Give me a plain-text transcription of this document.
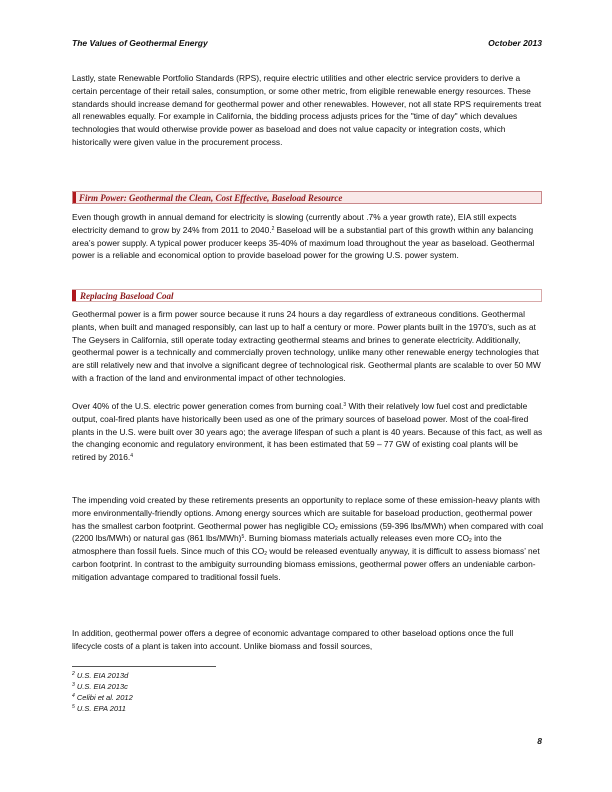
The Values of Geothermal Energy	October 2013

Lastly, state Renewable Portfolio Standards (RPS), require electric utilities and other electric service providers to derive a certain percentage of their retail sales, consumption, or some other metric, from eligible renewable energy resources. These standards should increase demand for geothermal power and other renewables. However, not all state RPS requirements treat all renewables equally. For example in California, the bidding process adjusts prices for the "time of day" which devalues technologies that would otherwise provide power as baseload and does not value capacity or integration costs, which historically were given value in the procurement process.

Firm Power: Geothermal the Clean, Cost Effective, Baseload Resource

Even though growth in annual demand for electricity is slowing (currently about .7% a year growth rate), EIA still expects electricity demand to grow by 24% from 2011 to 2040.$^2$ Baseload will be a substantial part of this growth within any balancing area’s power supply. A typical power producer keeps 35-40% of maximum load throughout the year as baseload. Geothermal power is a reliable and economical option to provide baseload power for the growing U.S. power system.

Replacing Baseload Coal

Geothermal power is a firm power source because it runs 24 hours a day regardless of extraneous conditions. Geothermal plants, when built and managed responsibly, can last up to half a century or more. Power plants built in the 1970’s, such as at The Geysers in California, still operate today extracting geothermal steams and brines to generate electricity. Additionally, geothermal power is a technically and commercially proven technology, unlike many other renewable energy technologies that are still relatively new and that involve a significant degree of technological risk. Geothermal plants are scalable to over 50 MW with a fraction of the land and environmental impact of other technologies.

Over 40% of the U.S. electric power generation comes from burning coal.$^3$ With their relatively low fuel cost and predictable output, coal-fired plants have historically been used as one of the primary sources of baseload power. Most of the coal-fired plants in the U.S. were built over 30 years ago; the average lifespan of such a plant is 40 years. Because of this fact, as well as the changing economic and regulatory environment, it has been estimated that 59 – 77 GW of existing coal plants will be retired by 2016.$^4$

The impending void created by these retirements presents an opportunity to replace some of these emission-heavy plants with more environmentally-friendly options. Among energy sources which are suitable for baseload production, geothermal power has the smallest carbon footprint. Geothermal power has negligible $CO_2$ emissions (59-396 lbs/MWh) when compared with coal (2200 lbs/MWh) or natural gas (861 lbs/MWh)$^5$. Burning biomass materials actually releases even more $CO_2$ into the atmosphere than fossil fuels. Since much of this $CO_2$ would be released eventually anyway, it is difficult to assess biomass’ net carbon footprint. In contrast to the ambiguity surrounding biomass emissions, geothermal power offers an undeniable carbon-mitigation advantage compared to traditional fossil fuels.

In addition, geothermal power offers a degree of economic advantage compared to other baseload options once the full lifecycle costs of a plant is taken into account. Unlike biomass and fossil sources,

$^2$ U.S. EIA 2013d
$^3$ U.S. EIA 2013c
$^4$ Celibi et al. 2012
$^5$ U.S. EPA 2011
8
